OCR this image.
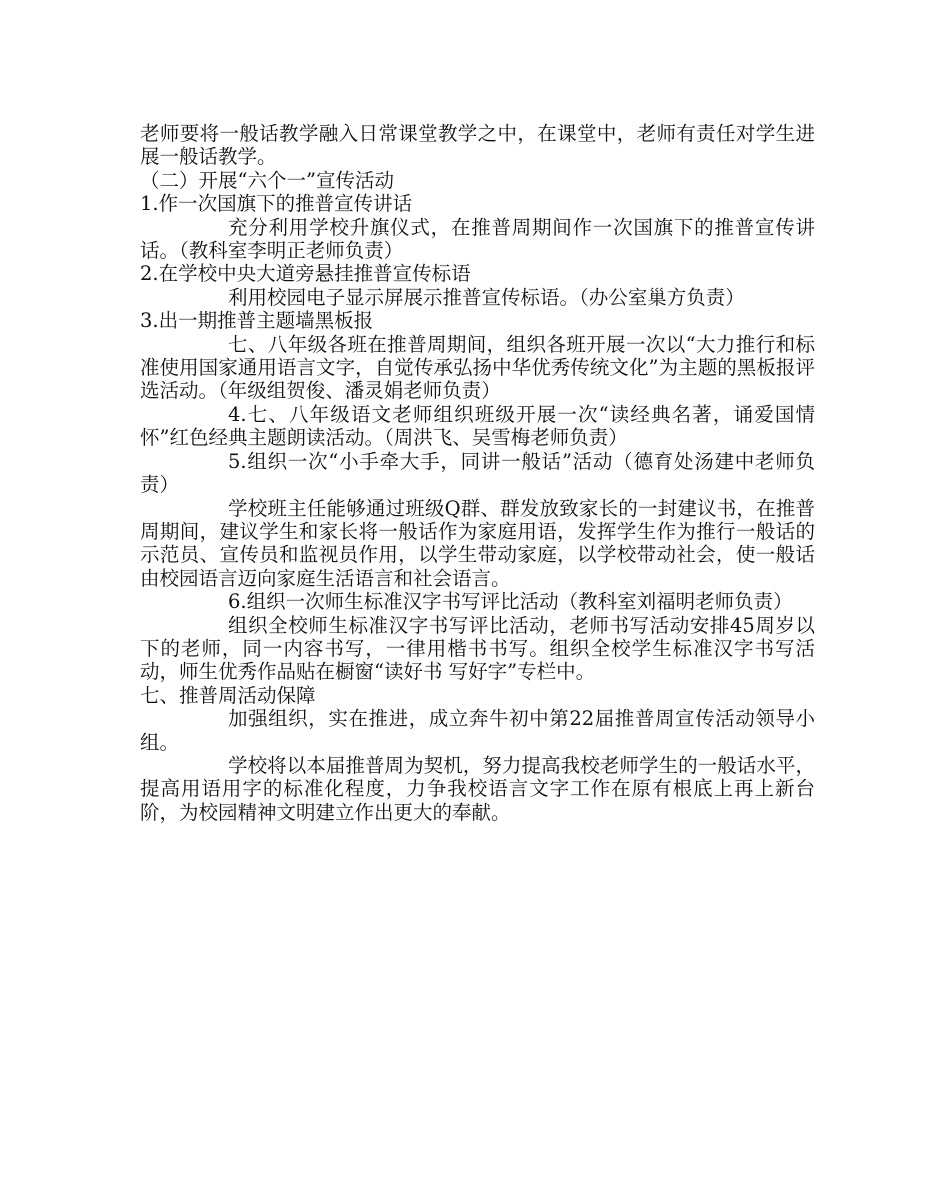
老师要将一般话教学融入日常课堂教学之中，在课堂中，老师有责任对学生进展一般话教学。

（二）开展“六个一”宣传活动

1.作一次国旗下的推普宣传讲话

充分利用学校升旗仪式，在推普周期间作一次国旗下的推普宣传讲话。（教科室李明正老师负责）

2.在学校中央大道旁悬挂推普宣传标语

利用校园电子显示屏展示推普宣传标语。（办公室巢方负责）

3.出一期推普主题墙黑板报

七、八年级各班在推普周期间，组织各班开展一次以“大力推行和标准使用国家通用语言文字，自觉传承弘扬中华优秀传统文化”为主题的黑板报评选活动。（年级组贺俊、潘灵娟老师负责）

4.七、八年级语文老师组织班级开展一次“读经典名著，诵爱国情怀”红色经典主题朗读活动。（周洪飞、吴雪梅老师负责）

5.组织一次“小手牵大手，同讲一般话”活动（德育处汤建中老师负责）

学校班主任能够通过班级Q群、群发放致家长的一封建议书，在推普周期间，建议学生和家长将一般话作为家庭用语，发挥学生作为推行一般话的示范员、宣传员和监视员作用，以学生带动家庭，以学校带动社会，使一般话由校园语言迈向家庭生活语言和社会语言。

6.组织一次师生标准汉字书写评比活动（教科室刘福明老师负责）

组织全校师生标准汉字书写评比活动，老师书写活动安排45周岁以下的老师，同一内容书写，一律用楷书书写。组织全校学生标准汉字书写活动，师生优秀作品贴在橱窗“读好书 写好字”专栏中。

七、推普周活动保障

加强组织，实在推进，成立奔牛初中第22届推普周宣传活动领导小组。

学校将以本届推普周为契机，努力提高我校老师学生的一般话水平，提高用语用字的标准化程度，力争我校语言文字工作在原有根底上再上新台阶，为校园精神文明建立作出更大的奉献。
